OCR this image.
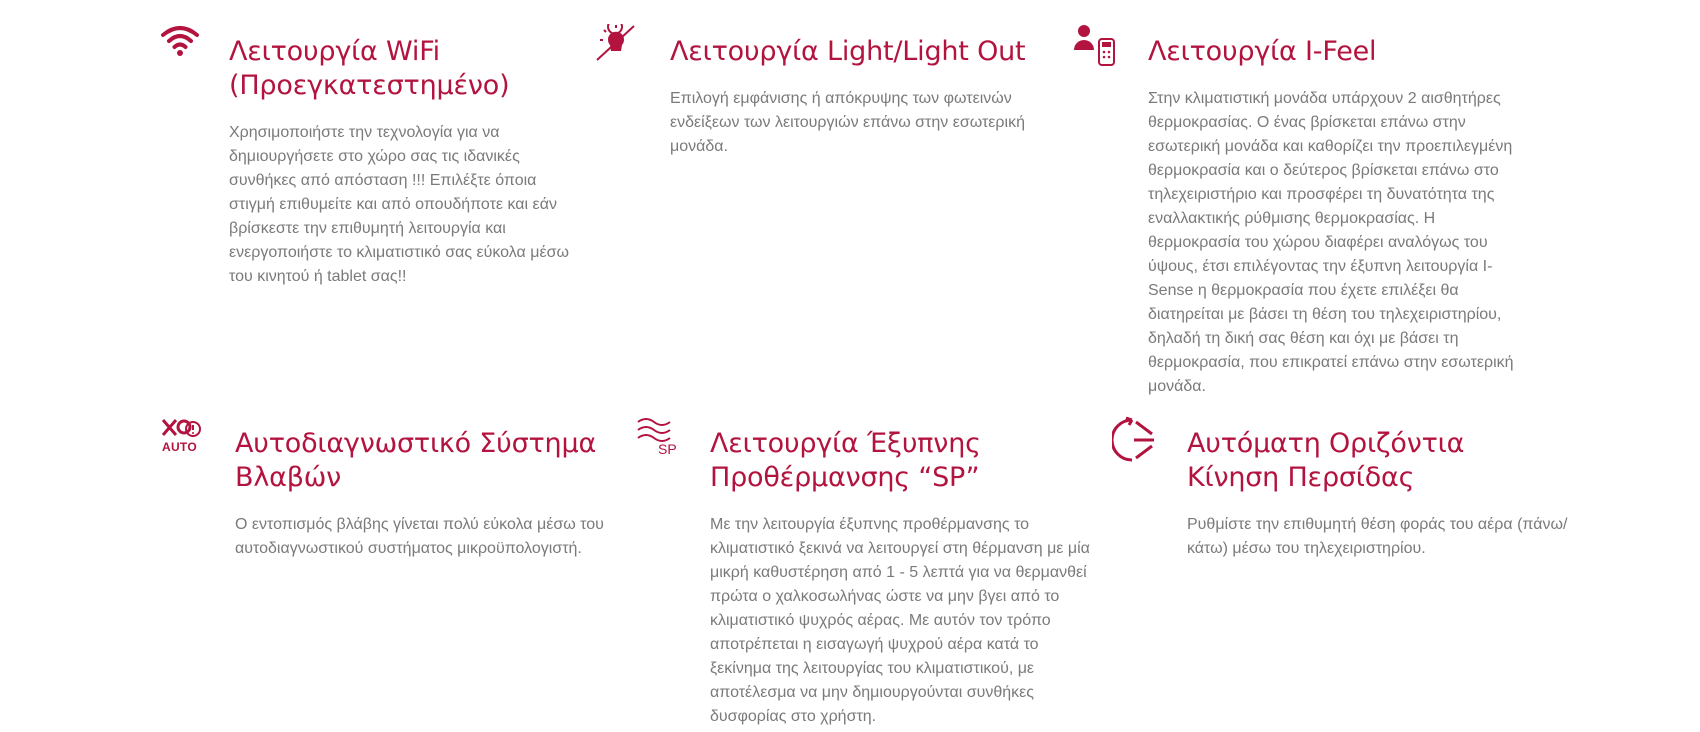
Λειτουργία WiFi
(Προεγκατεστημένο)

Χρησιμοποιήστε την τεχνολογία για να δημιουργήσετε στο χώρο σας τις ιδανικές συνθήκες από απόσταση !!! Επιλέξτε όποια στιγμή επιθυμείτε και από οπουδήποτε και εάν βρίσκεστε την επιθυμητή λειτουργία και ενεργοποιήστε το κλιματιστικό σας εύκολα μέσω του κινητού ή tablet σας!!

Λειτουργία Light/Light Out

Επιλογή εμφάνισης ή απόκρυψης των φωτεινών ενδείξεων των λειτουργιών επάνω στην εσωτερική μονάδα.

Λειτουργία I-Feel

Στην κλιματιστική μονάδα υπάρχουν 2 αισθητήρες θερμοκρασίας. Ο ένας βρίσκεται επάνω στην εσωτερική μονάδα και καθορίζει την προεπιλεγμένη θερμοκρασία και ο δεύτερος βρίσκεται επάνω στο τηλεχειριστήριο και προσφέρει τη δυνατότητα της εναλλακτικής ρύθμισης θερμοκρασίας. Η θερμοκρασία του χώρου διαφέρει αναλόγως του ύψους, έτσι επιλέγοντας την έξυπνη λειτουργία I-Sense η θερμοκρασία που έχετε επιλέξει θα διατηρείται με βάσει τη θέση του τηλεχειριστηρίου, δηλαδή τη δική σας θέση και όχι με βάσει τη θερμοκρασία, που επικρατεί επάνω στην εσωτερική μονάδα.

AUTO Αυτοδιαγνωστικό Σύστημα
Βλαβών

Ο εντοπισμός βλάβης γίνεται πολύ εύκολα μέσω του αυτοδιαγνωστικού συστήματος μικροϋπολογιστή.

SP Λειτουργία Έξυπνης
Προθέρμανσης “SP”

Με την λειτουργία έξυπνης προθέρμανσης το κλιματιστικό ξεκινά να λειτουργεί στη θέρμανση με μία μικρή καθυστέρηση από 1 - 5 λεπτά για να θερμανθεί πρώτα ο χαλκοσωλήνας ώστε να μην βγει από το κλιματιστικό ψυχρός αέρας. Με αυτόν τον τρόπο αποτρέπεται η εισαγωγή ψυχρού αέρα κατά το ξεκίνημα της λειτουργίας του κλιματιστικού, με αποτέλεσμα να μην δημιουργούνται συνθήκες δυσφορίας στο χρήστη.

Αυτόματη Οριζόντια
Κίνηση Περσίδας

Ρυθμίστε την επιθυμητή θέση φοράς του αέρα (πάνω/κάτω) μέσω του τηλεχειριστηρίου.
